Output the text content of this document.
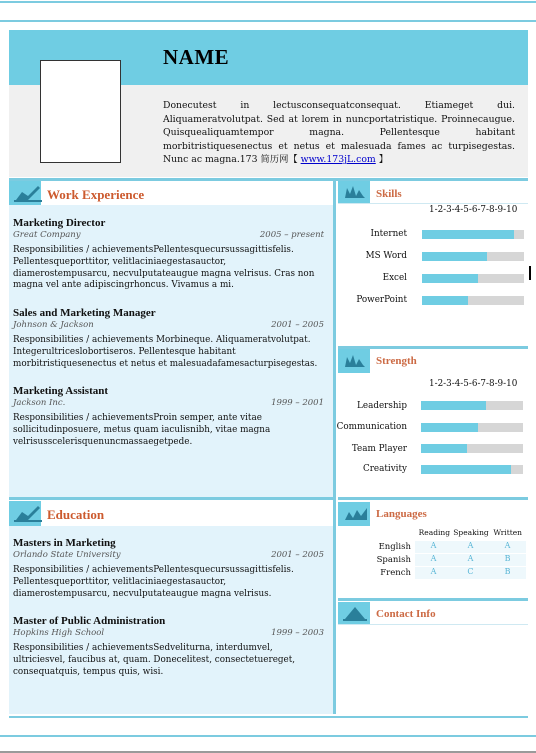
NAME
Donecutest in lectusconsequatconsequat. Etiameget dui. Aliquameratvolutpat. Sed at lorem in nuncportatristique. Proinnecaugue. Quisquealiquamtempor magna. Pellentesque habitant morbitristiquesenectus et netus et malesuada fames ac turpisegestas. Nunc ac magna.173 简历网【 www.173jL.com 】
Work Experience
Marketing Director
Great Company	2005 – present
Responsibilities / achievementsPellentesquecursussagittisfelis. Pellentesqueporttitor, velitlaciniaegestasauctor, diamerostempusarcu, necvulputateaugue magna velrisus. Cras non magna vel ante adipiscingrhoncus. Vivamus a mi.
Sales and Marketing Manager
Johnson & Jackson	2001 – 2005
Responsibilities / achievements Morbineque. Aliquameratvolutpat. Integerultriceslobortiseros. Pellentesque habitant morbitristiquesenectus et netus et malesuadafamesacturpisegestas.
Marketing Assistant
Jackson Inc.	1999 – 2001
Responsibilities / achievementsProin semper, ante vitae sollicitudinposuere, metus quam iaculisnibh, vitae magna velrisusscelerisquenuncmassaegetpede.
Education
Masters in Marketing
Orlando State University	2001 – 2005
Responsibilities / achievementsPellentesquecursussagittisfelis. Pellentesqueporttitor, velitlaciniaegestasauctor, diamerostempusarcu, necvulputateaugue magna velrisus.
Master of Public Administration
Hopkins High School	1999 – 2003
Responsibilities / achievementsSedveliturna, interdumvel, ultriciesvel, faucibus at, quam. Donecelitest, consectetuereget, consequatquis, tempus quis, wisi.
Skills
1-2-3-4-5-6-7-8-9-10
Internet
MS Word
Excel
PowerPoint
Strength
1-2-3-4-5-6-7-8-9-10
Leadership
Communication
Team Player
Creativity
Languages
Reading Speaking Written
English	A	A	A
Spanish	A	A	B
French	A	C	B
Contact Info
